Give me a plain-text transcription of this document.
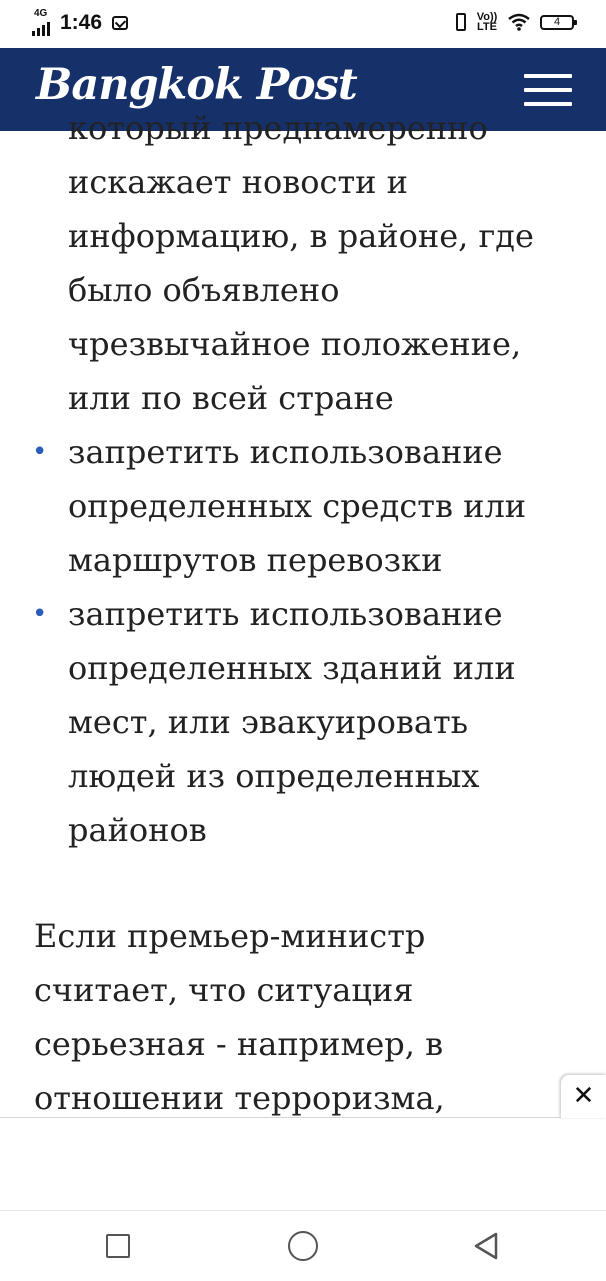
4G 1:46	Vo)) LTE	4
Bangkok Post
который преднамеренно искажает новости и информацию, в районе, где было объявлено чрезвычайное положение, или по всей стране
• запретить использование определенных средств или маршрутов перевозки
• запретить использование определенных зданий или мест, или эвакуировать людей из определенных районов

Если премьер-министр считает, что ситуация серьезная - например, в отношении терроризма,	✕
